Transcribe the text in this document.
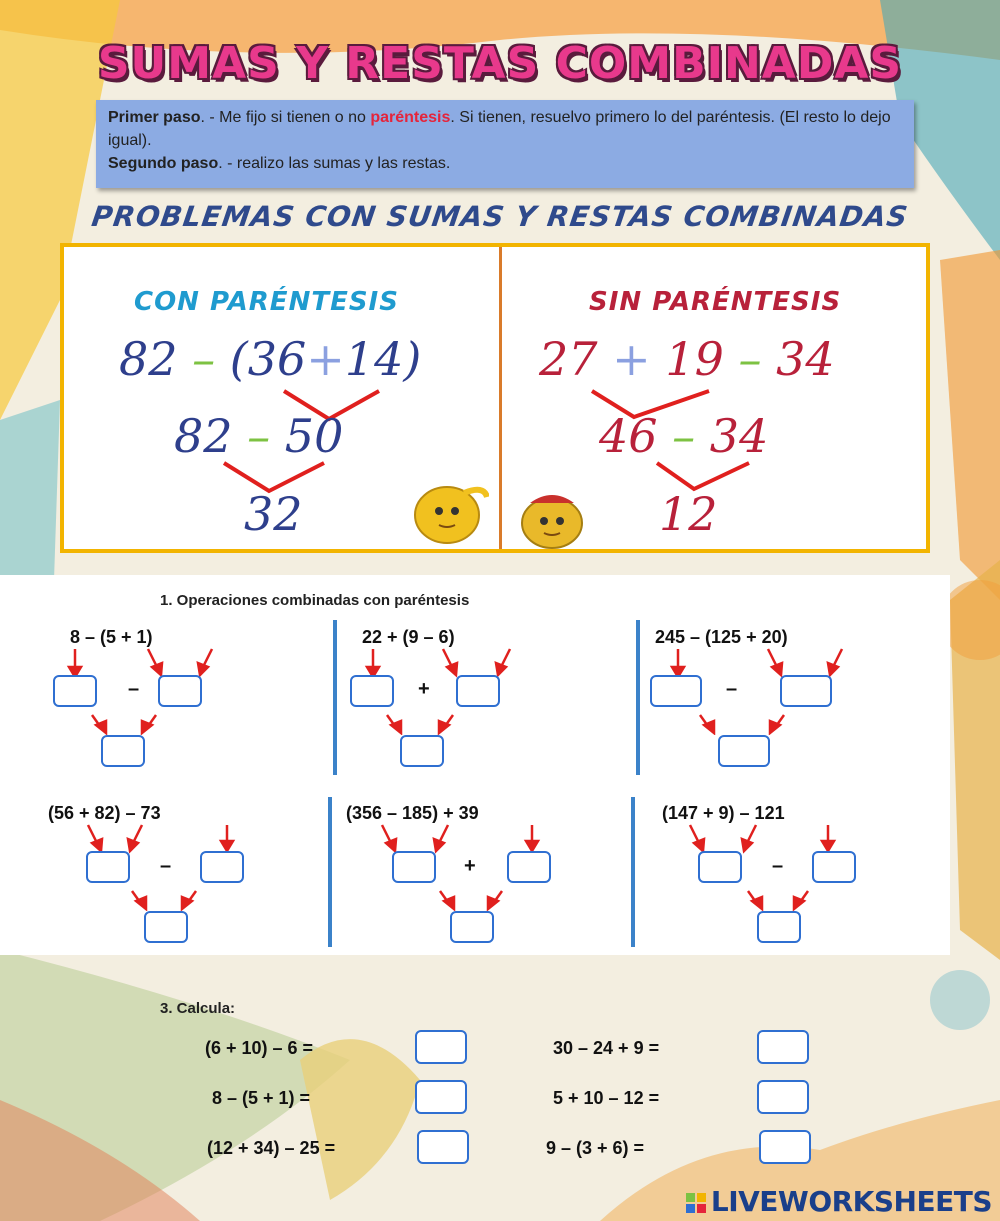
SUMAS Y RESTAS COMBINADAS
Primer paso. - Me fijo si tienen o no paréntesis. Si tienen, resuelvo primero lo del paréntesis. (El resto lo dejo igual).
Segundo paso. - realizo las sumas y las restas.
PROBLEMAS CON SUMAS Y RESTAS COMBINADAS
CON PARÉNTESIS
82 – (36+14)
82 – 50
32
SIN PARÉNTESIS
27 + 19 – 34
46 – 34
12
1. Operaciones combinadas con paréntesis
8 – (5 + 1)
–
22 + (9 – 6)
+
245 – (125 + 20)
–
(56 + 82) – 73
–
(356 – 185) + 39
+
(147 + 9) – 121
–
3. Calcula:
(6 + 10) – 6 =
8 – (5 + 1) =
(12 + 34) – 25 =
30 – 24 + 9 =
5 + 10 – 12 =
9 – (3 + 6) =
LIVEWORKSHEETS
